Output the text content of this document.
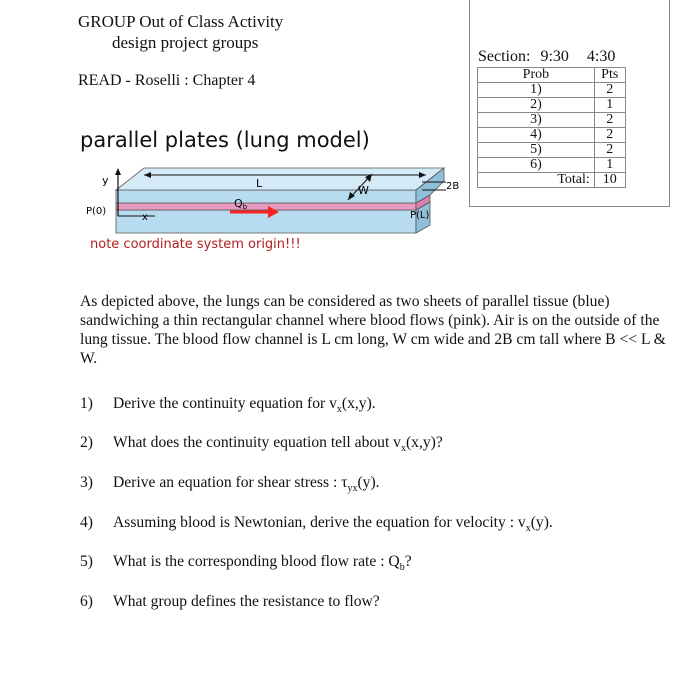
GROUP Out of Class Activity
design project groups
READ - Roselli : Chapter 4
Section: 9:30 4:30
Prob	Pts	
1)	2	
2)	1	
3)	2	
4)	2	
5)	2	
6)	1	
Total:	10	
parallel plates (lung model)
y
x
L
W	2B
Qb
P(0)	P(L)
note coordinate system origin!!!
As depicted above, the lungs can be considered as two sheets of parallel tissue (blue) sandwiching a thin rectangular channel where blood flows (pink). Air is on the outside of the lung tissue. The blood flow channel is L cm long, W cm wide and 2B cm tall where B << L & W.
1) Derive the continuity equation for $v_x(x,y)$.
2) What does the continuity equation tell about $v_x(x,y)$?
3) Derive an equation for shear stress : $\tau_{yx}(y)$.
4) Assuming blood is Newtonian, derive the equation for velocity : $v_x(y)$.
5) What is the corresponding blood flow rate : $Q_b$?
6) What group defines the resistance to flow?
